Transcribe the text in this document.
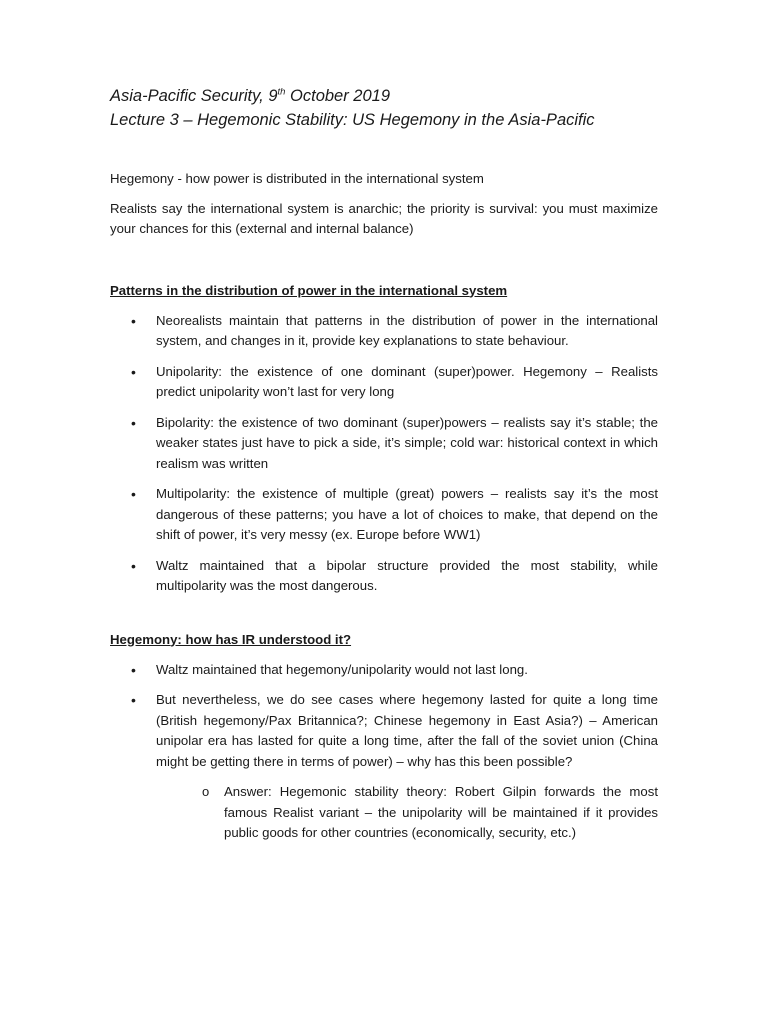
Asia-Pacific Security, 9th October 2019

Lecture 3 – Hegemonic Stability: US Hegemony in the Asia-Pacific

Hegemony - how power is distributed in the international system

Realists say the international system is anarchic; the priority is survival: you must maximize your chances for this (external and internal balance)

Patterns in the distribution of power in the international system

• Neorealists maintain that patterns in the distribution of power in the international system, and changes in it, provide key explanations to state behaviour.
• Unipolarity: the existence of one dominant (super)power. Hegemony – Realists predict unipolarity won’t last for very long
• Bipolarity: the existence of two dominant (super)powers – realists say it’s stable; the weaker states just have to pick a side, it’s simple; cold war: historical context in which realism was written
• Multipolarity: the existence of multiple (great) powers – realists say it’s the most dangerous of these patterns; you have a lot of choices to make, that depend on the shift of power, it’s very messy (ex. Europe before WW1)
• Waltz maintained that a bipolar structure provided the most stability, while multipolarity was the most dangerous.

Hegemony: how has IR understood it?

• Waltz maintained that hegemony/unipolarity would not last long.
• But nevertheless, we do see cases where hegemony lasted for quite a long time (British hegemony/Pax Britannica?; Chinese hegemony in East Asia?) – American unipolar era has lasted for quite a long time, after the fall of the soviet union (China might be getting there in terms of power) – why has this been possible?
o Answer: Hegemonic stability theory: Robert Gilpin forwards the most famous Realist variant – the unipolarity will be maintained if it provides public goods for other countries (economically, security, etc.)
